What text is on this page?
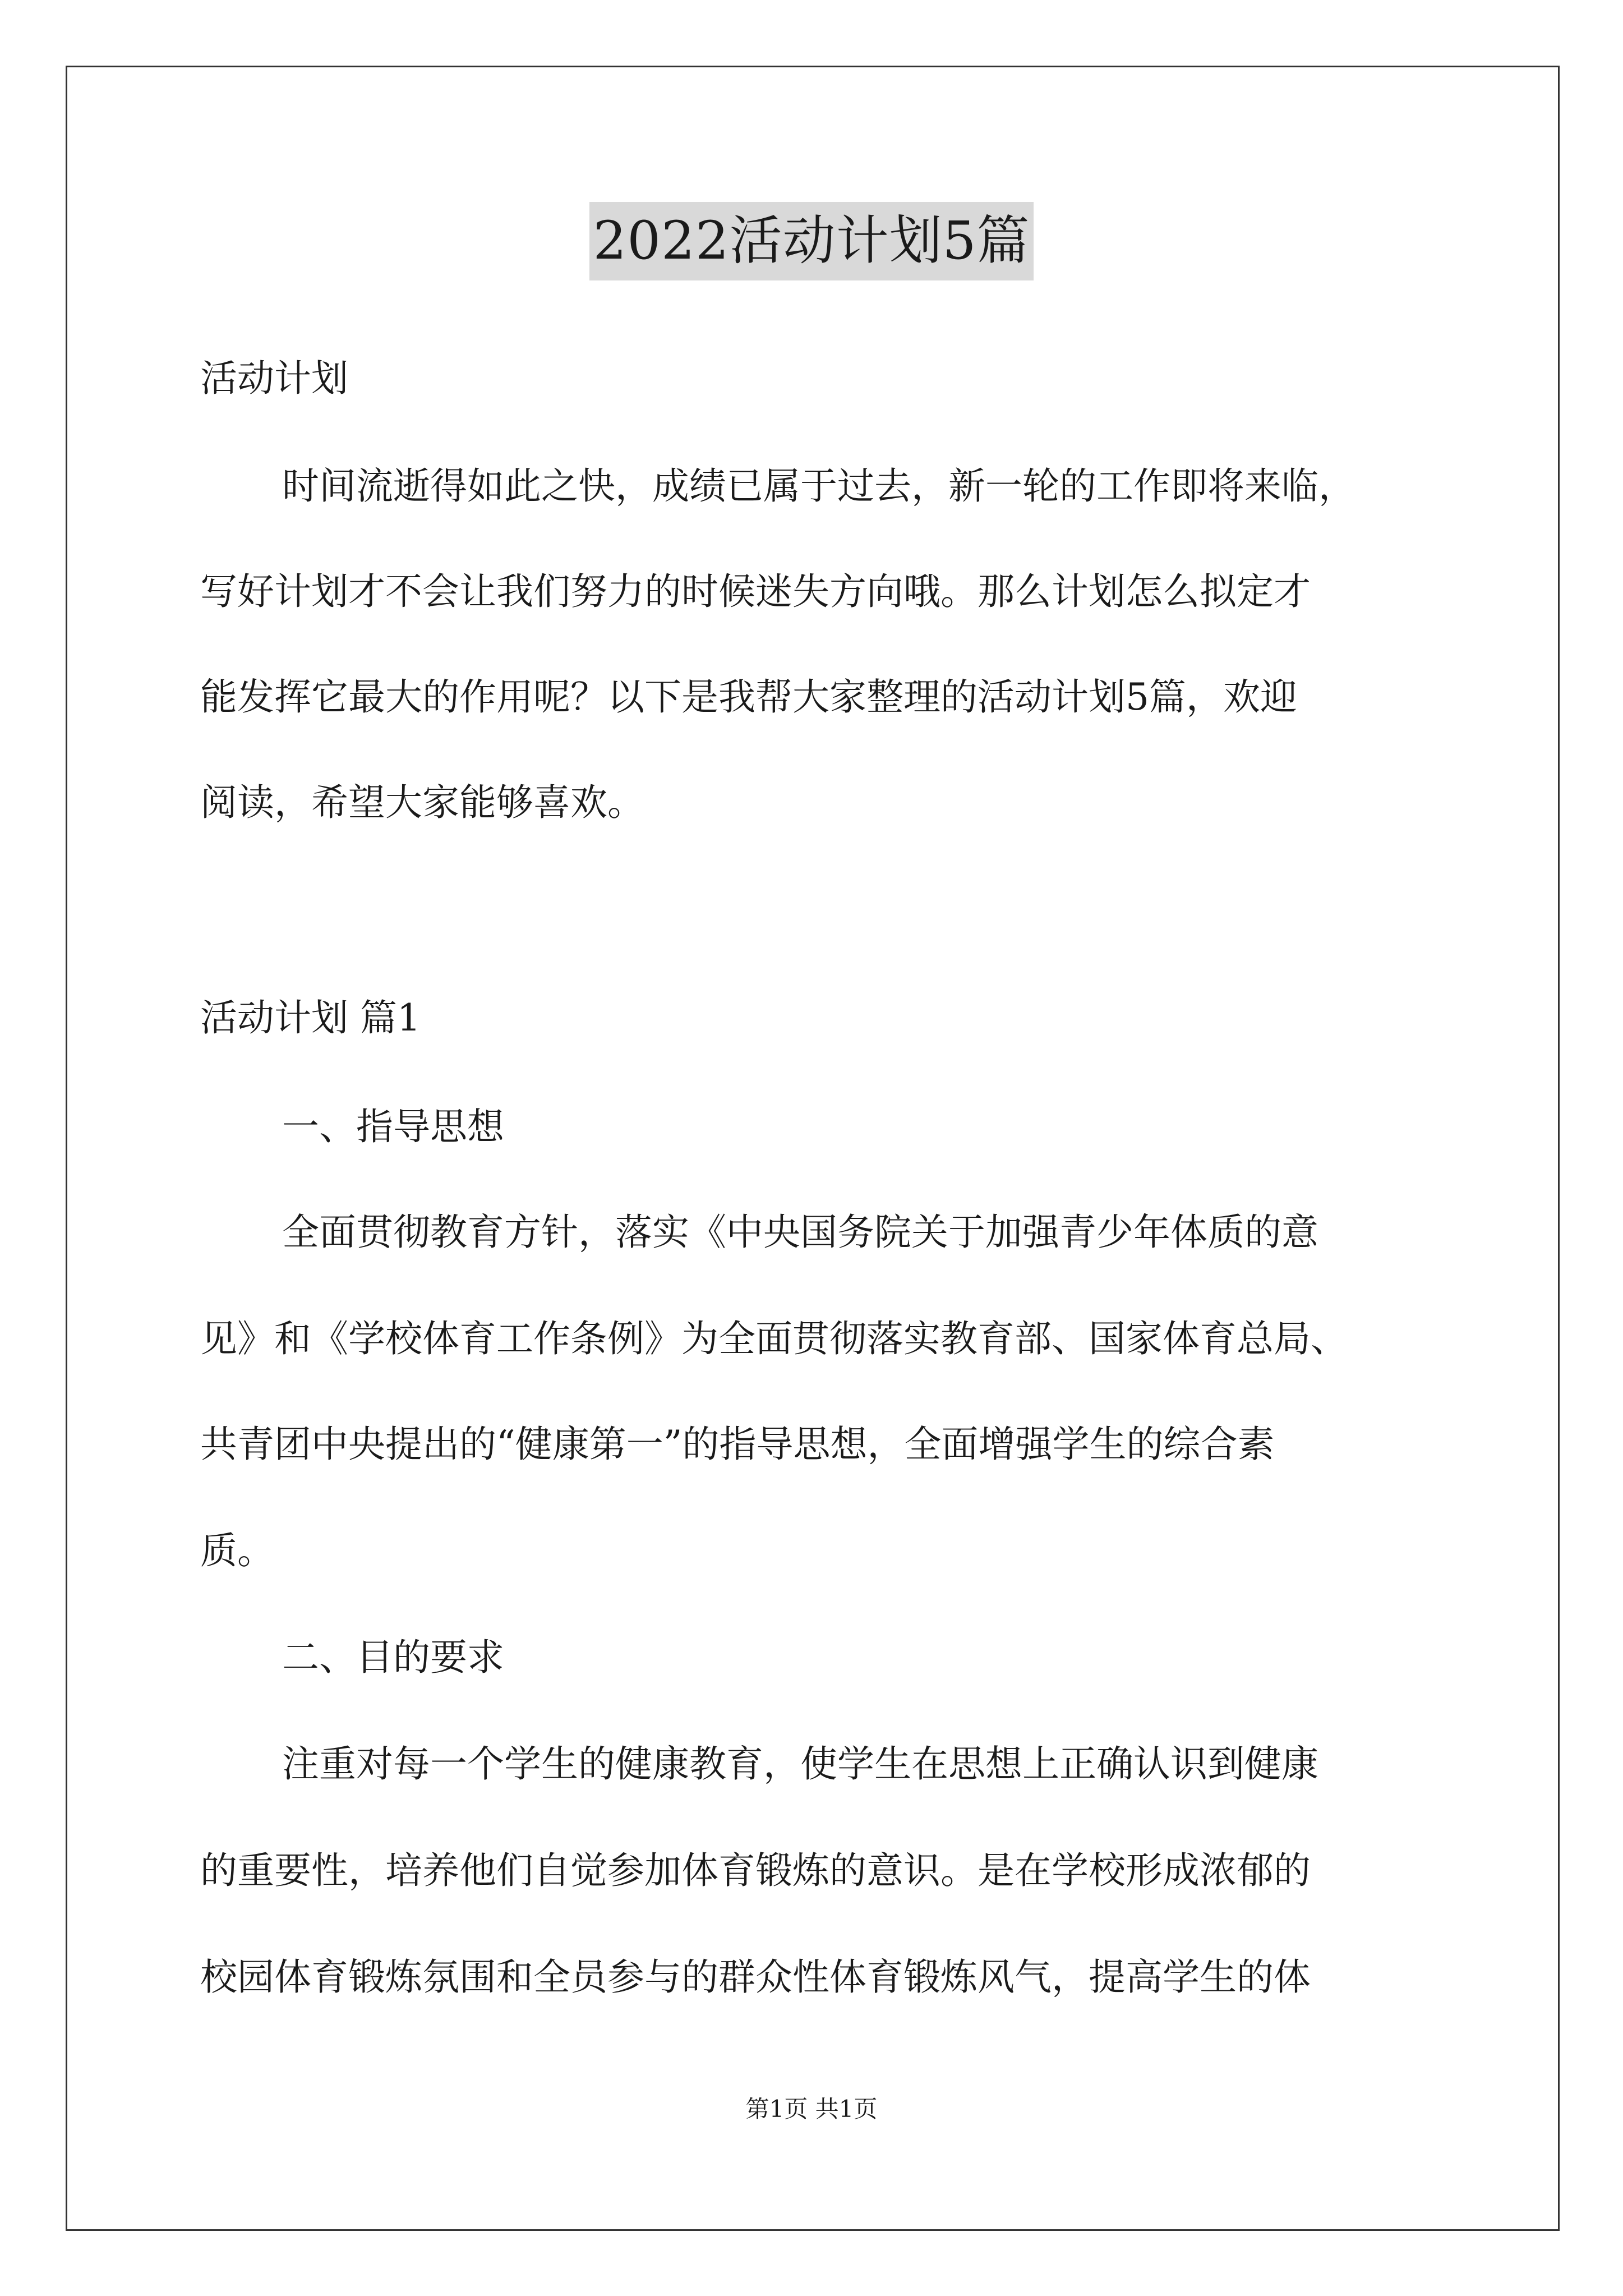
2022活动计划5篇
活动计划
时间流逝得如此之快，成绩已属于过去，新一轮的工作即将来临，
写好计划才不会让我们努力的时候迷失方向哦。那么计划怎么拟定才
能发挥它最大的作用呢？以下是我帮大家整理的活动计划5篇，欢迎
阅读，希望大家能够喜欢。
活动计划 篇1
一、指导思想
全面贯彻教育方针，落实《中央国务院关于加强青少年体质的意
见》和《学校体育工作条例》为全面贯彻落实教育部、国家体育总局、
共青团中央提出的“健康第一”的指导思想，全面增强学生的综合素
质。
二、目的要求
注重对每一个学生的健康教育，使学生在思想上正确认识到健康
的重要性，培养他们自觉参加体育锻炼的意识。是在学校形成浓郁的
校园体育锻炼氛围和全员参与的群众性体育锻炼风气，提高学生的体
第1页 共1页
